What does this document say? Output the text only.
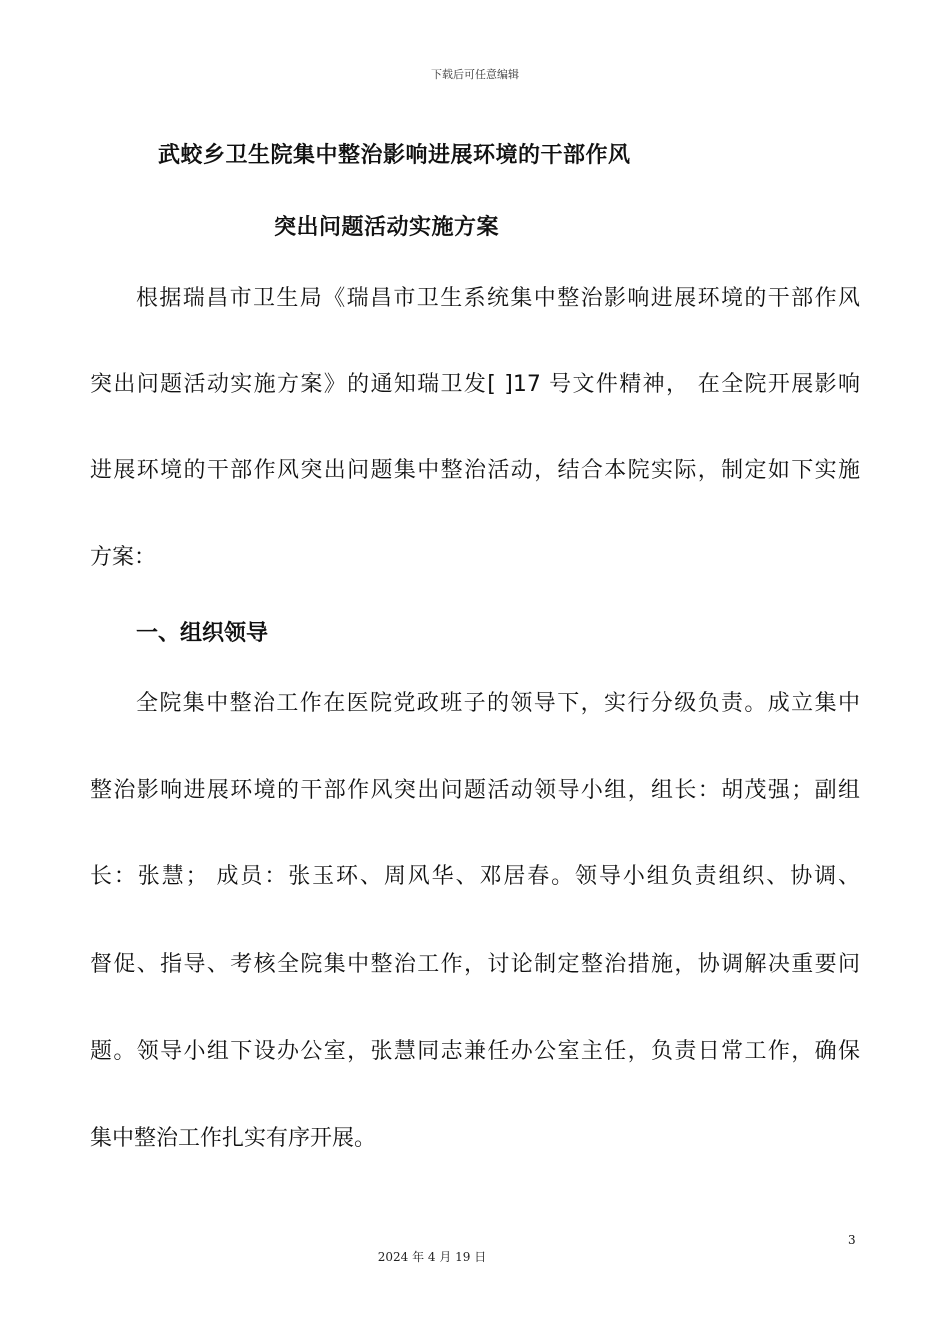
下载后可任意编辑
武蛟乡卫生院集中整治影响进展环境的干部作风
突出问题活动实施方案
根据瑞昌市卫生局《瑞昌市卫生系统集中整治影响进展环境的干部作风
突出问题活动实施方案》的通知瑞卫发[ ]17 号文件精神， 在全院开展影响
进展环境的干部作风突出问题集中整治活动，结合本院实际，制定如下实施
方案：
一、组织领导
全院集中整治工作在医院党政班子的领导下，实行分级负责。成立集中
整治影响进展环境的干部作风突出问题活动领导小组，组长：胡茂强；副组
长：张慧； 成员：张玉环、周风华、邓居春。领导小组负责组织、协调、
督促、指导、考核全院集中整治工作，讨论制定整治措施，协调解决重要问
题。领导小组下设办公室，张慧同志兼任办公室主任，负责日常工作，确保
集中整治工作扎实有序开展。
3
2024 年 4 月 19 日
